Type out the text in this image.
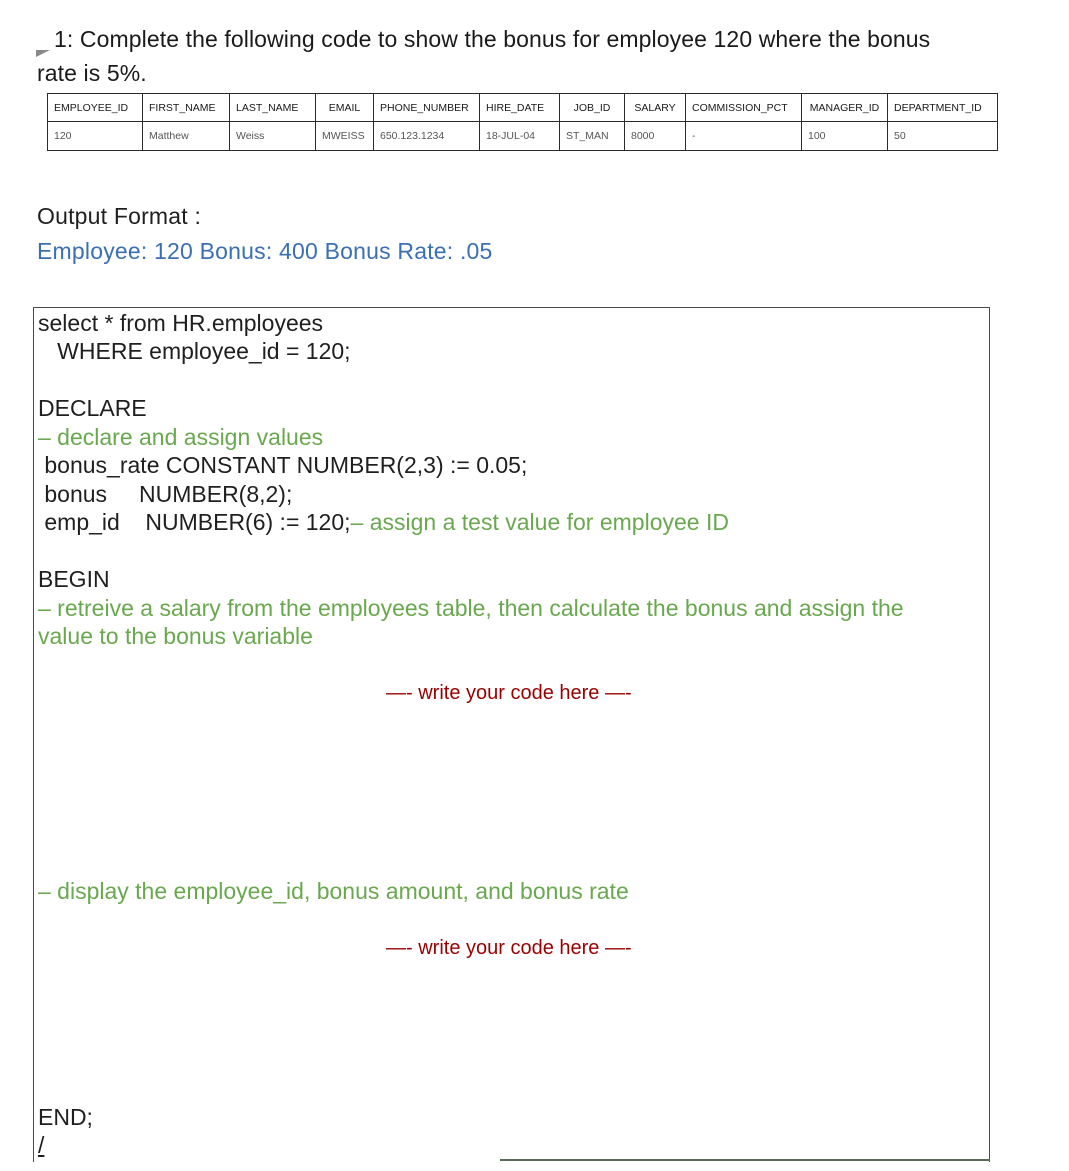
1: Complete the following code to show the bonus for employee 120 where the bonus
rate is 5%.
EMPLOYEE_ID	FIRST_NAME	LAST_NAME	EMAIL	PHONE_NUMBER	HIRE_DATE	JOB_ID	SALARY	COMMISSION_PCT	MANAGER_ID	DEPARTMENT_ID
120	Matthew	Weiss	MWEISS	650.123.1234	18-JUL-04	ST_MAN	8000	-	100	50
Output Format :
Employee: 120 Bonus: 400 Bonus Rate: .05
select * from HR.employees
WHERE employee_id = 120;
DECLARE
– declare and assign values
bonus_rate CONSTANT NUMBER(2,3) := 0.05;
bonus     NUMBER(8,2);
emp_id    NUMBER(6) := 120;– assign a test value for employee ID
BEGIN
– retreive a salary from the employees table, then calculate the bonus and assign the
value to the bonus variable
—- write your code here —-
– display the employee_id, bonus amount, and bonus rate
—- write your code here —-
END;
/
